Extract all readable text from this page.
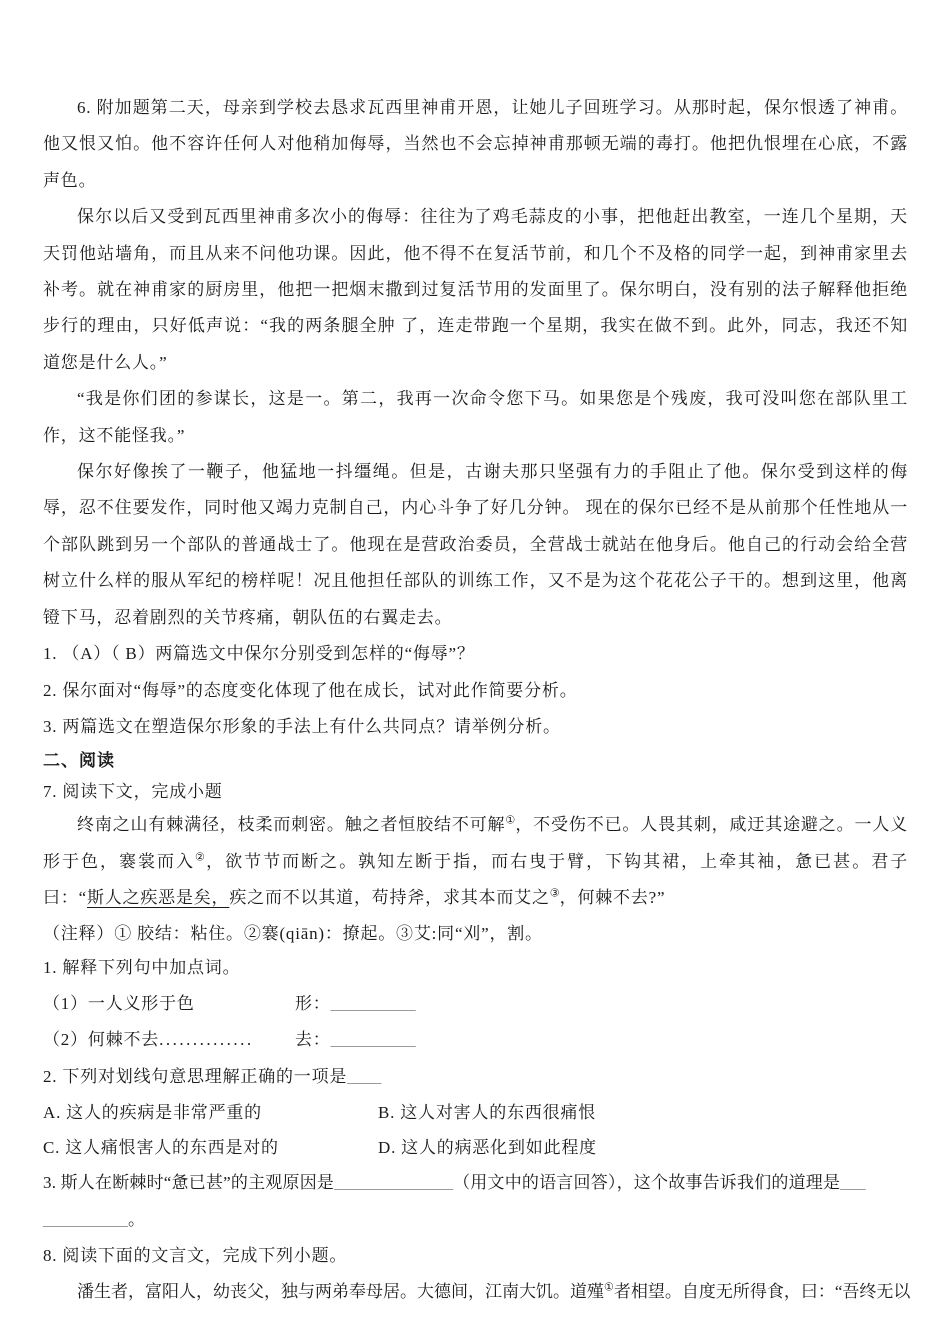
6. 附加题第二天，母亲到学校去恳求瓦西里神甫开恩，让她儿子回班学习。从那时起，保尔恨透了神甫。他又恨又怕。他不容许任何人对他稍加侮辱，当然也不会忘掉神甫那顿无端的毒打。他把仇恨埋在心底，不露声色。

保尔以后又受到瓦西里神甫多次小的侮辱：往往为了鸡毛蒜皮的小事，把他赶出教室，一连几个星期，天天罚他站墙角，而且从来不问他功课。因此，他不得不在复活节前，和几个不及格的同学一起，到神甫家里去补考。就在神甫家的厨房里，他把一把烟末撒到过复活节用的发面里了。保尔明白，没有别的法子解释他拒绝步行的理由，只好低声说：“我的两条腿全肿 了，连走带跑一个星期，我实在做不到。此外，同志，我还不知道您是什么人。”

“我是你们团的参谋长，这是一。第二，我再一次命令您下马。如果您是个残废，我可没叫您在部队里工作，这不能怪我。”

保尔好像挨了一鞭子，他猛地一抖缰绳。但是，古谢夫那只坚强有力的手阻止了他。保尔受到这样的侮辱，忍不住要发作，同时他又竭力克制自己，内心斗争了好几分钟。 现在的保尔已经不是从前那个任性地从一个部队跳到另一个部队的普通战士了。他现在是营政治委员，全营战士就站在他身后。他自己的行动会给全营树立什么样的服从军纪的榜样呢！况且他担任部队的训练工作，又不是为这个花花公子干的。想到这里，他离镫下马，忍着剧烈的关节疼痛，朝队伍的右翼走去。

1. （A）（ B）两篇选文中保尔分别受到怎样的“侮辱”？

2. 保尔面对“侮辱”的态度变化体现了他在成长，试对此作简要分析。

3. 两篇选文在塑造保尔形象的手法上有什么共同点？请举例分析。

二、阅读

7. 阅读下文，完成小题

终南之山有棘满径，枝柔而刺密。触之者恒胶结不可解①，不受伤不已。人畏其刺，咸迂其途避之。一人义形于色，褰裳而入②，欲节节而断之。孰知左断于指，而右曳于臂，下钩其裙，上牵其袖，惫已甚。君子曰：“斯人之疾恶是矣，疾之而不以其道，苟持斧，求其本而艾之③，何棘不去?”

（注释）① 胶结：粘住。②褰(qiān)：撩起。③艾:同“刈”，割。

1. 解释下列句中加点词。

（1）一人义形于色	形：__________
（2）何棘不去..............	去：__________

2. 下列对划线句意思理解正确的一项是____

A. 这人的疾病是非常严重的	B. 这人对害人的东西很痛恨
C. 这人痛恨害人的东西是对的	D. 这人的病恶化到如此程度

3. 斯人在断棘时“惫已甚”的主观原因是______________（用文中的语言回答），这个故事告诉我们的道理是___

__________。

8. 阅读下面的文言文，完成下列小题。

潘生者，富阳人，幼丧父，独与两弟奉母居。大德间，江南大饥。道殣①者相望。自度无所得食，曰：“吾终无以
